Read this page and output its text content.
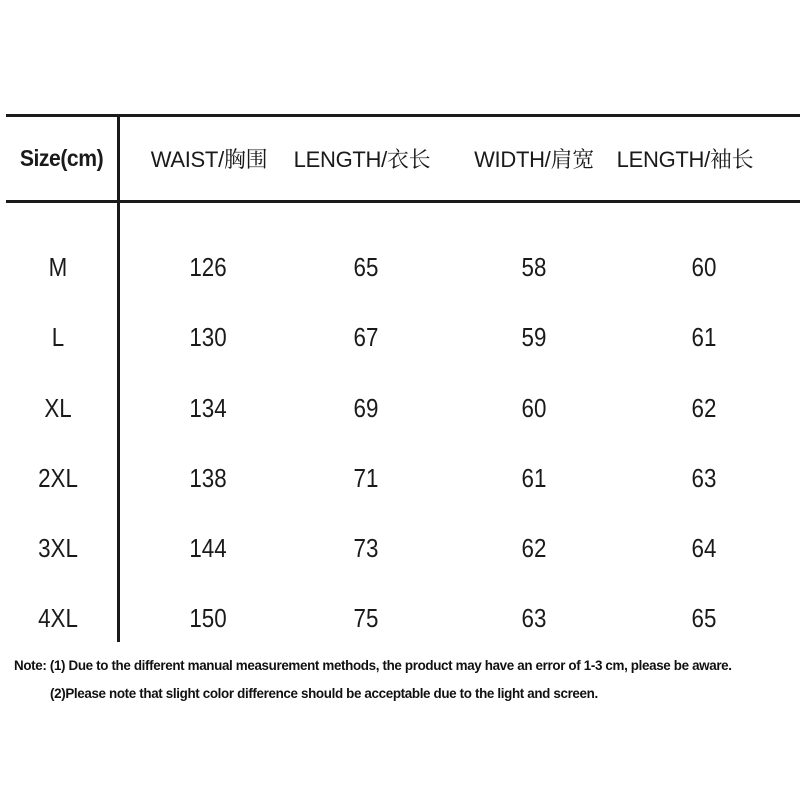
Size(cm)	WAIST/胸围	LENGTH/衣长	WIDTH/肩宽	LENGTH/袖长
M	126	65	58	60
L	130	67	59	61
XL	134	69	60	62
2XL	138	71	61	63
3XL	144	73	62	64
4XL	150	75	63	65
Note: (1) Due to the different manual measurement methods, the product may have an error of 1-3 cm, please be aware.
(2)Please note that slight color difference should be acceptable due to the light and screen.
